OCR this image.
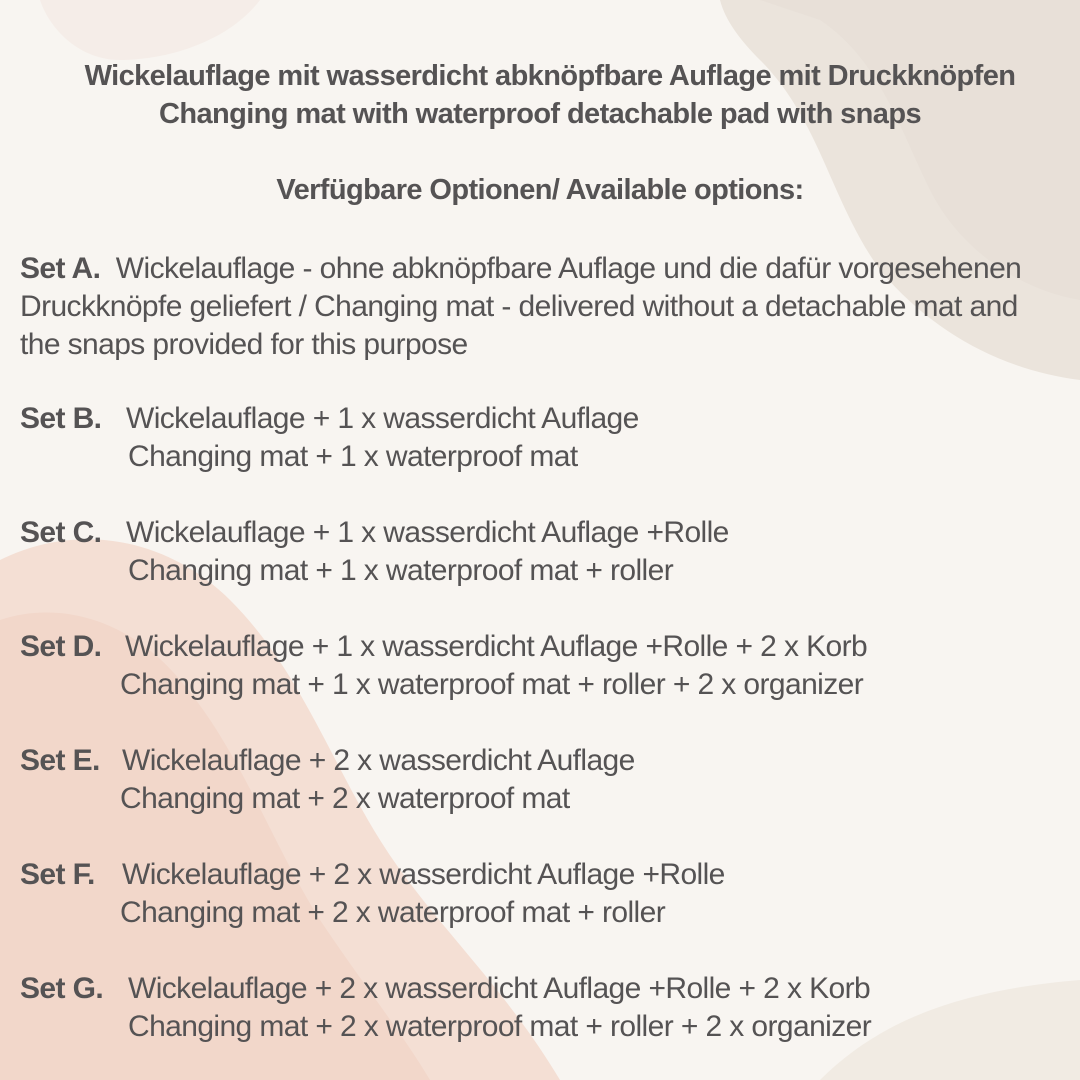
Wickelauflage mit wasserdicht abknöpfbare Auflage mit Druckknöpfen
Changing mat with waterproof detachable pad with snaps
Verfügbare Optionen/ Available options:
Set A. Wickelauflage - ohne abknöpfbare Auflage und die dafür vorgesehenen Druckknöpfe geliefert / Changing mat - delivered without a detachable mat and the snaps provided for this purpose
Set B. Wickelauflage + 1 x wasserdicht Auflage
Changing mat + 1 x waterproof mat
Set C. Wickelauflage + 1 x wasserdicht Auflage +Rolle
Changing mat + 1 x waterproof mat + roller
Set D. Wickelauflage + 1 x wasserdicht Auflage +Rolle + 2 x Korb
Changing mat + 1 x waterproof mat + roller + 2 x organizer
Set E. Wickelauflage + 2 x wasserdicht Auflage
Changing mat + 2 x waterproof mat
Set F. Wickelauflage + 2 x wasserdicht Auflage +Rolle
Changing mat + 2 x waterproof mat + roller
Set G. Wickelauflage + 2 x wasserdicht Auflage +Rolle + 2 x Korb
Changing mat + 2 x waterproof mat + roller + 2 x organizer
